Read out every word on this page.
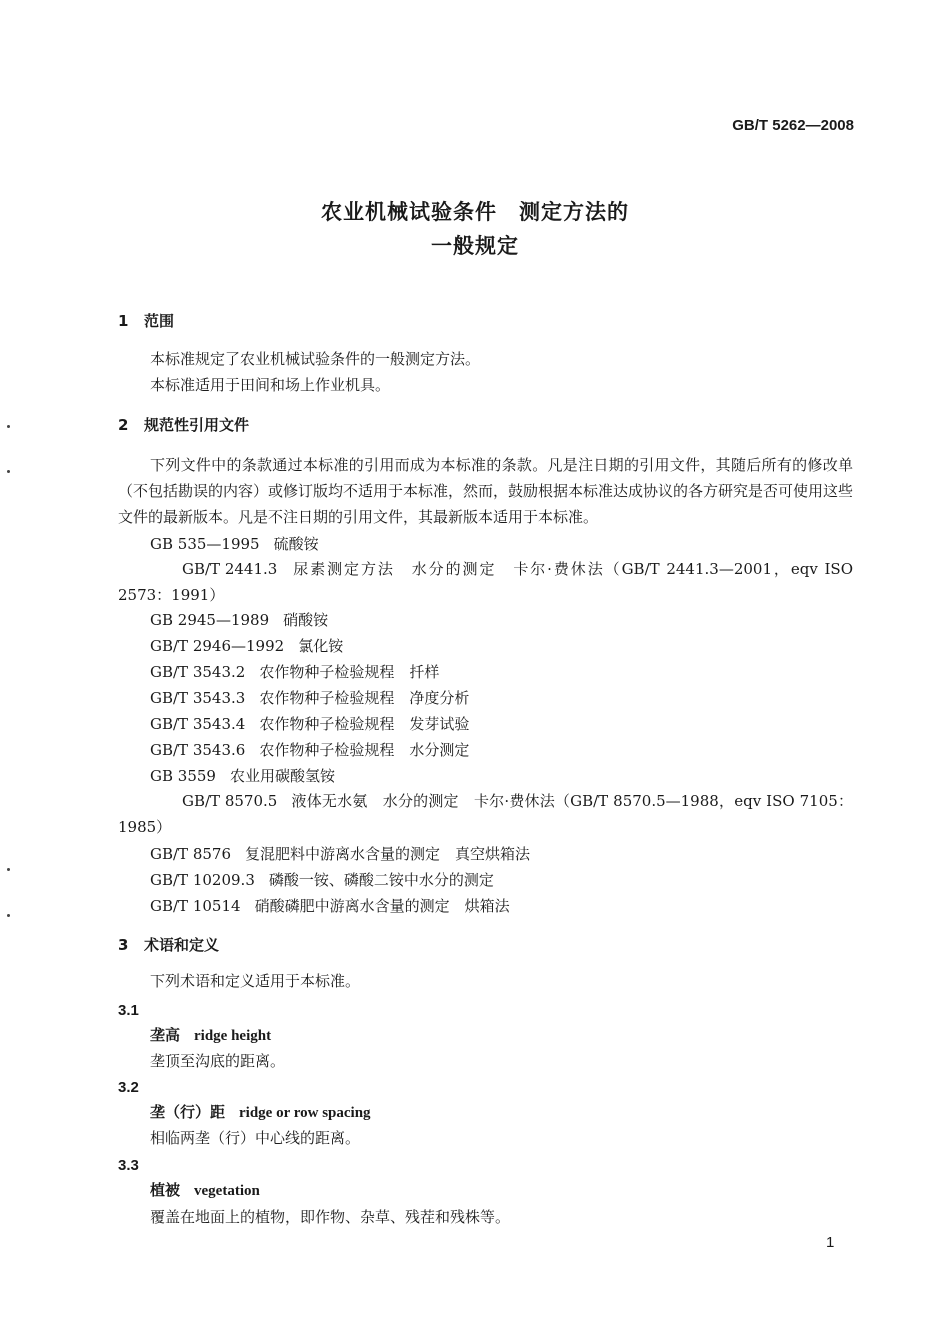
GB/T 5262—2008
农业机械试验条件　测定方法的
一般规定
1 范围
本标准规定了农业机械试验条件的一般测定方法。
本标准适用于田间和场上作业机具。
2 规范性引用文件
下列文件中的条款通过本标准的引用而成为本标准的条款。凡是注日期的引用文件，其随后所有的修改单（不包括勘误的内容）或修订版均不适用于本标准，然而，鼓励根据本标准达成协议的各方研究是否可使用这些文件的最新版本。凡是不注日期的引用文件，其最新版本适用于本标准。
GB 535—1995 硫酸铵
GB/T 2441.3 尿素测定方法　水分的测定　卡尔·费休法（GB/T 2441.3—2001，eqv ISO 2573：1991）
GB 2945—1989 硝酸铵
GB/T 2946—1992 氯化铵
GB/T 3543.2 农作物种子检验规程　扦样
GB/T 3543.3 农作物种子检验规程　净度分析
GB/T 3543.4 农作物种子检验规程　发芽试验
GB/T 3543.6 农作物种子检验规程　水分测定
GB 3559 农业用碳酸氢铵
GB/T 8570.5 液体无水氨　水分的测定　卡尔·费休法（GB/T 8570.5—1988，eqv ISO 7105：1985）
GB/T 8576 复混肥料中游离水含量的测定　真空烘箱法
GB/T 10209.3 磷酸一铵、磷酸二铵中水分的测定
GB/T 10514 硝酸磷肥中游离水含量的测定　烘箱法
3 术语和定义
下列术语和定义适用于本标准。
3.1
垄高 ridge height
垄顶至沟底的距离。
3.2
垄（行）距 ridge or row spacing
相临两垄（行）中心线的距离。
3.3
植被 vegetation
覆盖在地面上的植物，即作物、杂草、残茬和残株等。
1
